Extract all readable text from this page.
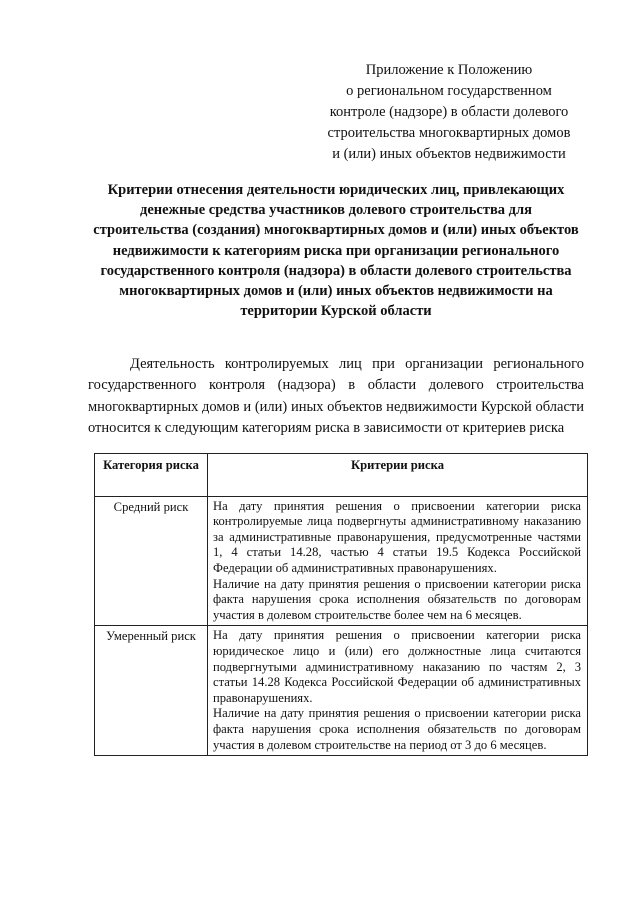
Приложение к Положению
о региональном государственном
контроле (надзоре) в области долевого
строительства многоквартирных домов
и (или) иных объектов недвижимости
Критерии отнесения деятельности юридических лиц, привлекающих
денежные средства участников долевого строительства для
строительства (создания) многоквартирных домов и (или) иных объектов
недвижимости к категориям риска при организации регионального
государственного контроля (надзора) в области долевого строительства
многоквартирных домов и (или) иных объектов недвижимости на
территории Курской области

Деятельность контролируемых лиц при организации регионального государственного контроля (надзора) в области долевого строительства многоквартирных домов и (или) иных объектов недвижимости Курской области относится к следующим категориям риска в зависимости от критериев риска

Категория риска	Критерии риска
Средний риск	На дату принятия решения о присвоении категории риска контролируемые лица подвергнуты административному наказанию за административные правонарушения, предусмотренные частями 1, 4 статьи 14.28, частью 4 статьи 19.5 Кодекса Российской Федерации об административных правонарушениях.

Наличие на дату принятия решения о присвоении категории риска факта нарушения срока исполнения обязательств по договорам участия в долевом строительстве более чем на 6 месяцев.

Умеренный риск	На дату принятия решения о присвоении категории риска юридическое лицо и (или) его должностные лица считаются подвергнутыми административному наказанию по частям 2, 3 статьи 14.28 Кодекса Российской Федерации об административных правонарушениях.

Наличие на дату принятия решения о присвоении категории риска факта нарушения срока исполнения обязательств по договорам участия в долевом строительстве на период от 3 до 6 месяцев.
